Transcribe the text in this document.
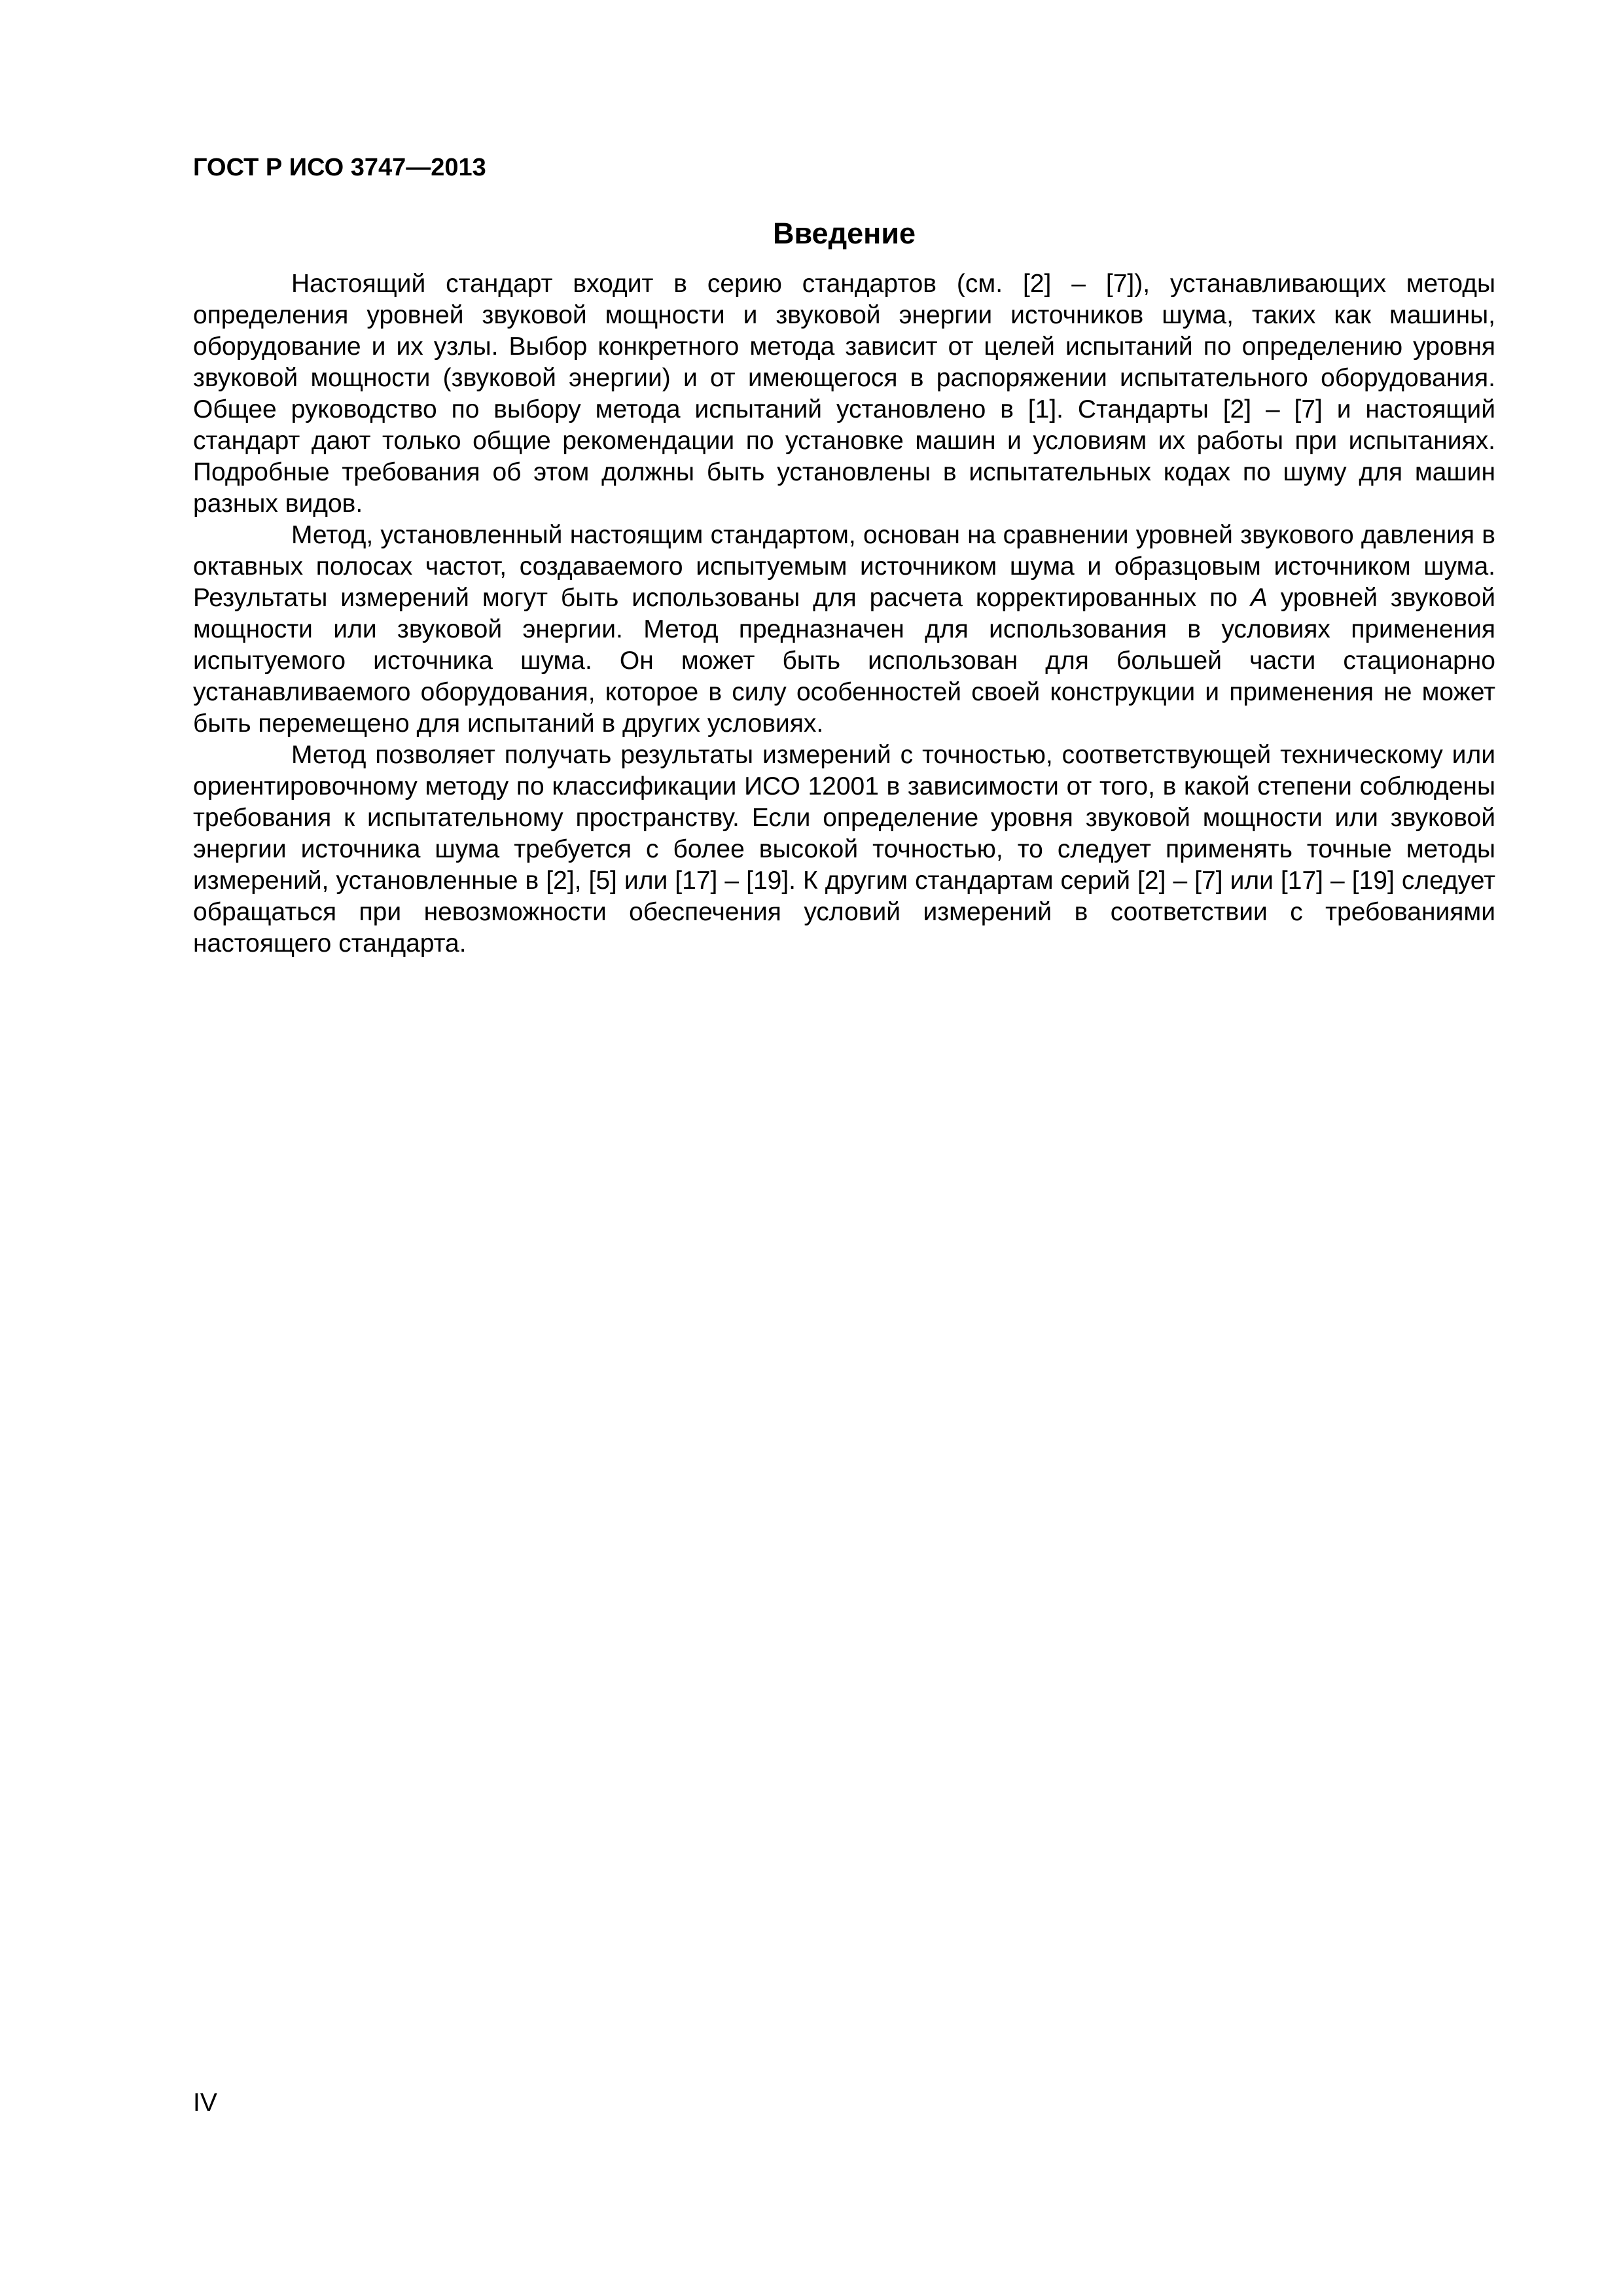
ГОСТ Р ИСО 3747—2013
Введение

Настоящий стандарт входит в серию стандартов (см. [2] – [7]), устанавливающих методы определения уровней звуковой мощности и звуковой энергии источников шума, таких как машины, оборудование и их узлы. Выбор конкретного метода зависит от целей испытаний по определению уровня звуковой мощности (звуковой энергии) и от имеющегося в распоряжении испытательного оборудования. Общее руководство по выбору метода испытаний установлено в [1]. Стандарты [2] – [7] и настоящий стандарт дают только общие рекомендации по установке машин и условиям их работы при испытаниях. Подробные требования об этом должны быть установлены в испытательных кодах по шуму для машин разных видов.

Метод, установленный настоящим стандартом, основан на сравнении уровней звукового давления в октавных полосах частот, создаваемого испытуемым источником шума и образцовым источником шума. Результаты измерений могут быть использованы для расчета корректированных по A уровней звуковой мощности или звуковой энергии. Метод предназначен для использования в условиях применения испытуемого источника шума. Он может быть использован для большей части стационарно устанавливаемого оборудования, которое в силу особенностей своей конструкции и применения не может быть перемещено для испытаний в других условиях.

Метод позволяет получать результаты измерений с точностью, соответствующей техническому или ориентировочному методу по классификации ИСО 12001 в зависимости от того, в какой степени соблюдены требования к испытательному пространству. Если определение уровня звуковой мощности или звуковой энергии источника шума требуется с более высокой точностью, то следует применять точные методы измерений, установленные в [2], [5] или [17] – [19]. К другим стандартам серий [2] – [7] или [17] – [19] следует обращаться при невозможности обеспечения условий измерений в соответствии с требованиями настоящего стандарта.

IV
